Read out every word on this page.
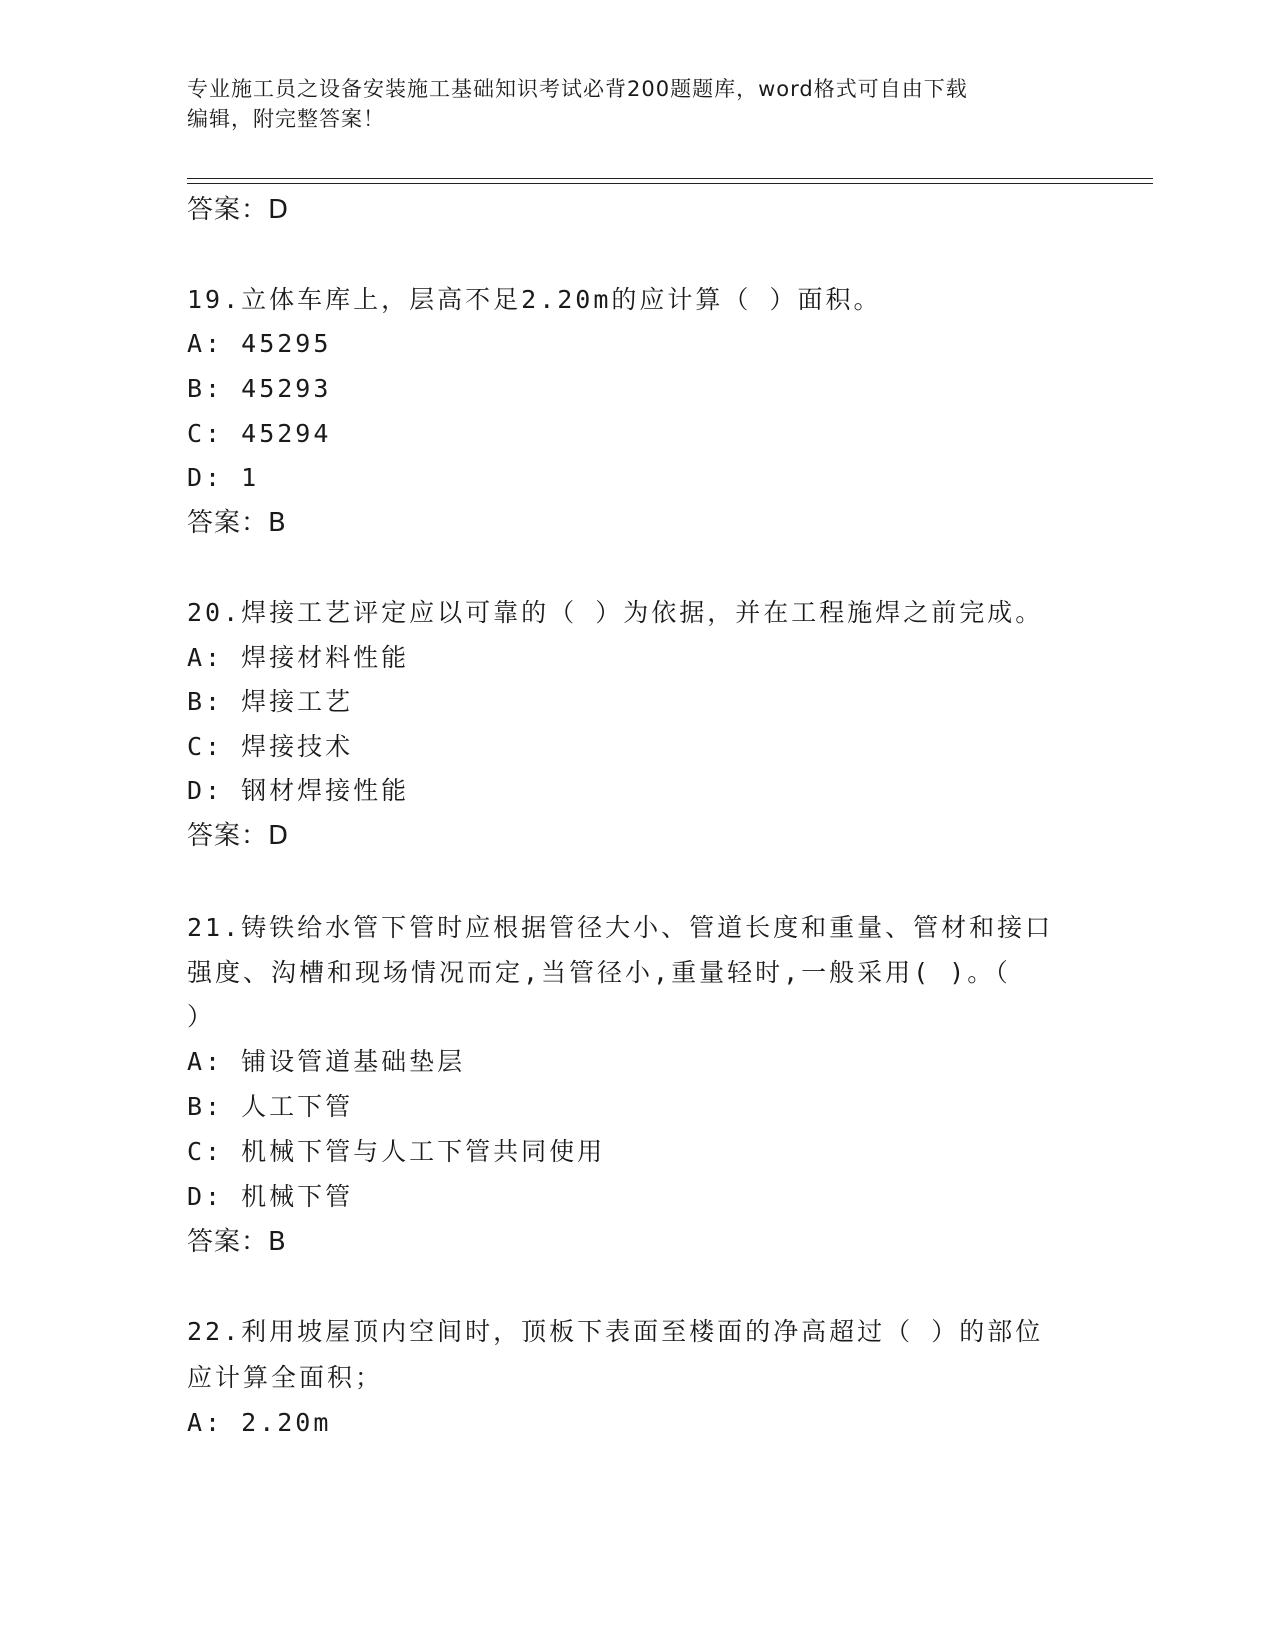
专业施工员之设备安装施工基础知识考试必背200题题库，word格式可自由下载
编辑，附完整答案！
答案：D
19.立体车库上，层高不足2.20m的应计算（ ）面积。
A: 45295
B: 45293
C: 45294
D: 1
答案：B
20.焊接工艺评定应以可靠的（ ）为依据，并在工程施焊之前完成。
A: 焊接材料性能
B: 焊接工艺
C: 焊接技术
D: 钢材焊接性能
答案：D
21.铸铁给水管下管时应根据管径大小、管道长度和重量、管材和接口
强度、沟槽和现场情况而定,当管径小,重量轻时,一般采用( )。（
）
A: 铺设管道基础垫层
B: 人工下管
C: 机械下管与人工下管共同使用
D: 机械下管
答案：B
22.利用坡屋顶内空间时，顶板下表面至楼面的净高超过（ ）的部位
应计算全面积；
A: 2.20m
